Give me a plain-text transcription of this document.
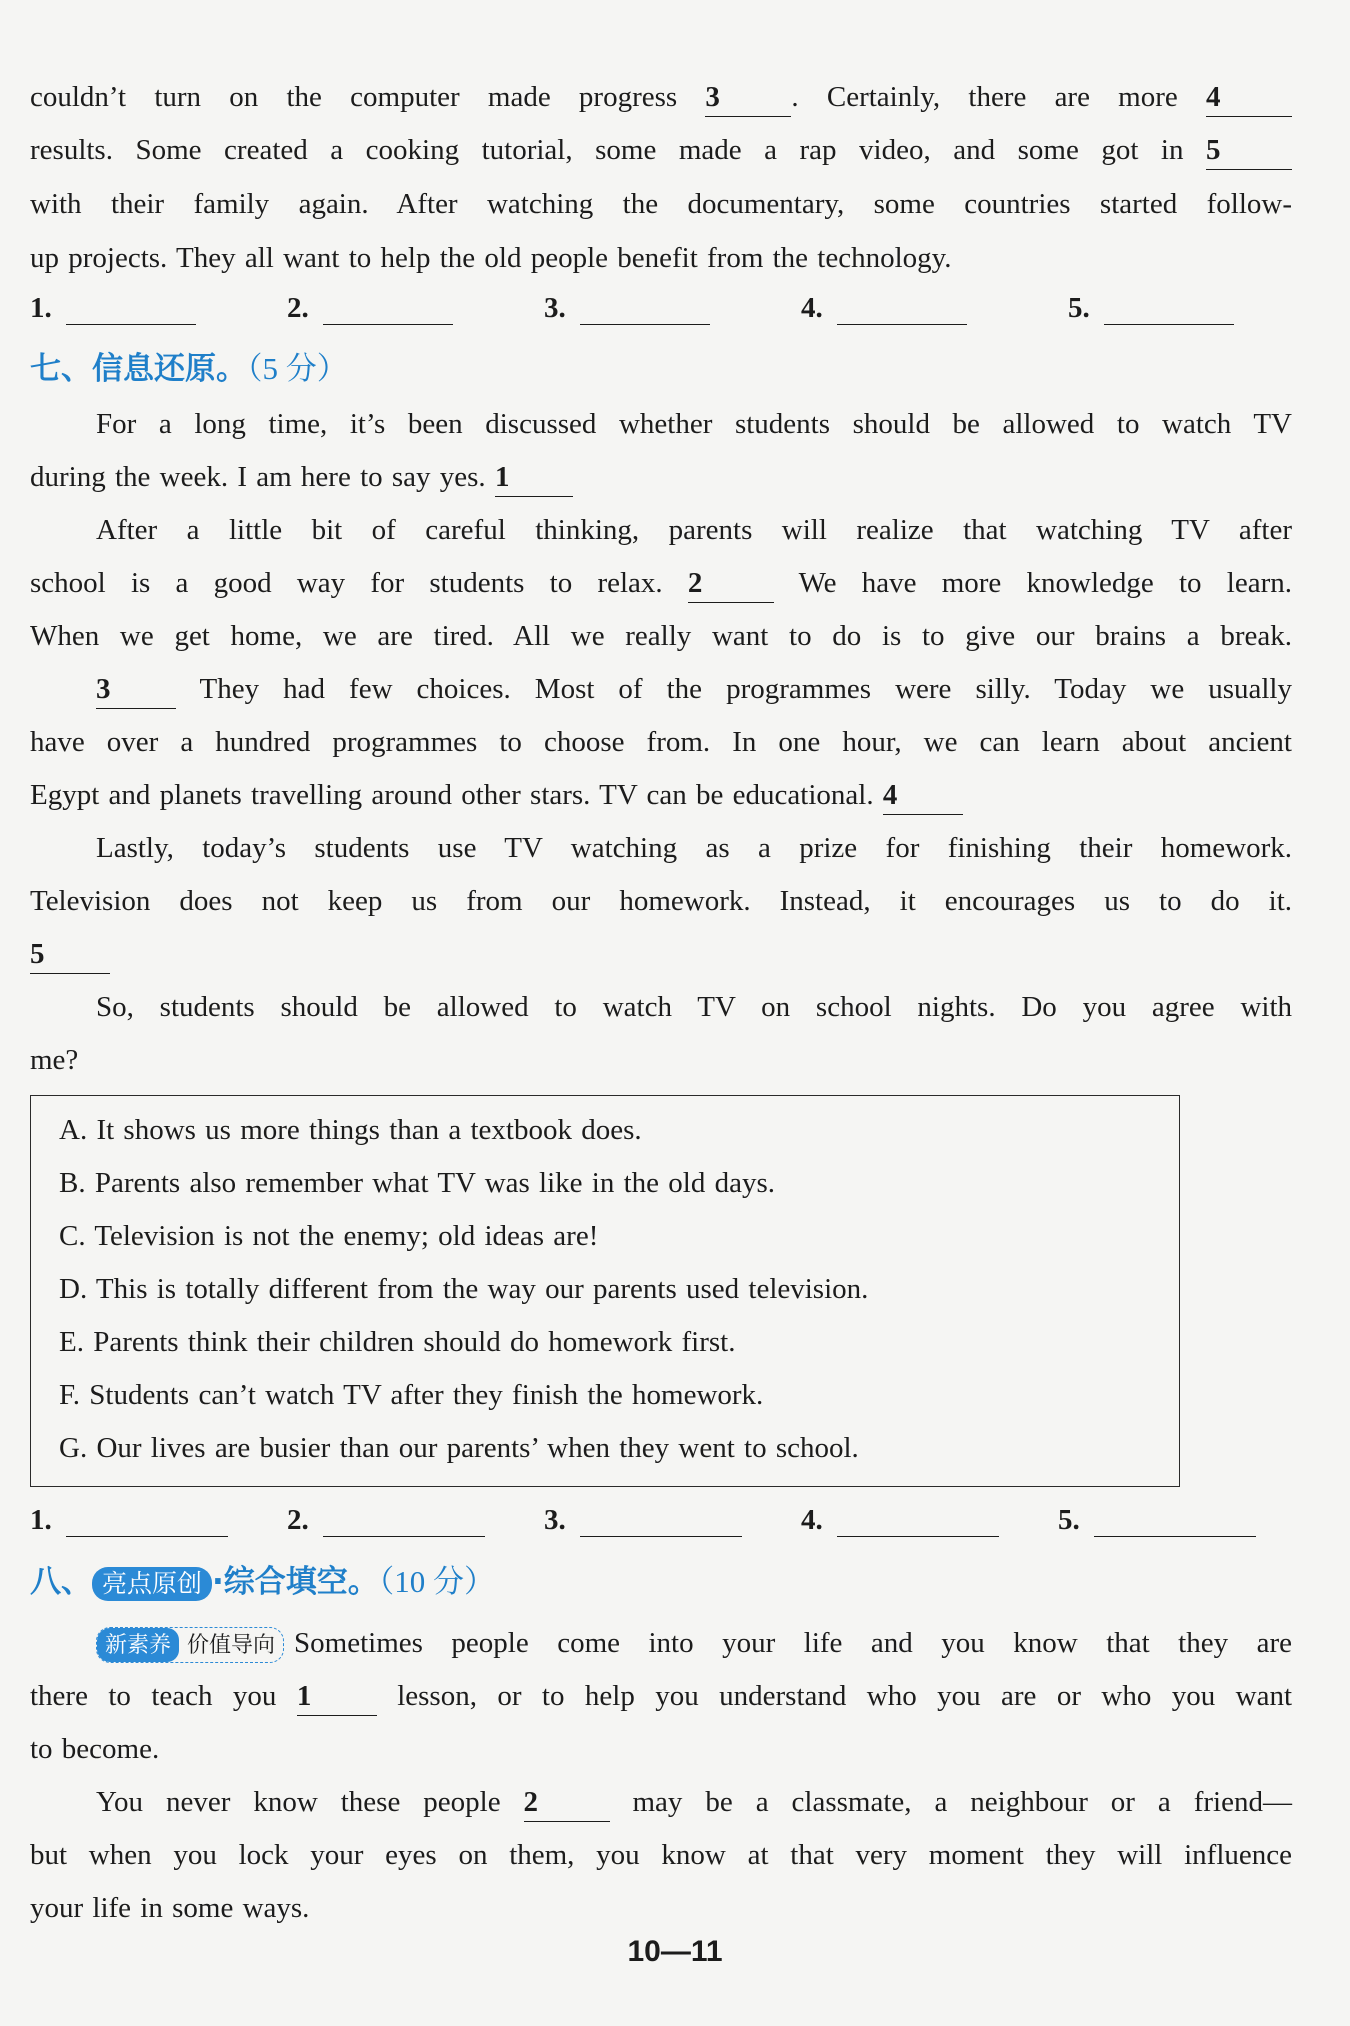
couldn’t turn on the computer made progress 3 . Certainly, there are more 4
results. Some created a cooking tutorial, some made a rap video, and some got in 5
with their family again. After watching the documentary, some countries started follow-
up projects. They all want to help the old people benefit from the technology.
1.	2.	3.	4.	5.
七、信息还原。（5 分）
For a long time, it’s been discussed whether students should be allowed to watch TV
during the week. I am here to say yes. 1
After a little bit of careful thinking, parents will realize that watching TV after
school is a good way for students to relax. 2	We have more knowledge to learn.
When we get home, we are tired. All we really want to do is to give our brains a break.
3	They had few choices. Most of the programmes were silly. Today we usually
have over a hundred programmes to choose from. In one hour, we can learn about ancient
Egypt and planets travelling around other stars. TV can be educational. 4
Lastly, today’s students use TV watching as a prize for finishing their homework.
Television does not keep us from our homework. Instead, it encourages us to do it.
5
So, students should be allowed to watch TV on school nights. Do you agree with
me?
A. It shows us more things than a textbook does.
B. Parents also remember what TV was like in the old days.
C. Television is not the enemy; old ideas are!
D. This is totally different from the way our parents used television.
E. Parents think their children should do homework first.
F. Students can’t watch TV after they finish the homework.
G. Our lives are busier than our parents’ when they went to school.
1.	2.	3.	4.	5.
八、 亮点原创 ·综合填空。（10 分）
新素养 价值导向 Sometimes people come into your life and you know that they are
there to teach you 1	lesson, or to help you understand who you are or who you want
to become.
You never know these people 2	may be a classmate, a neighbour or a friend—
but when you lock your eyes on them, you know at that very moment they will influence
your life in some ways.
10—11
